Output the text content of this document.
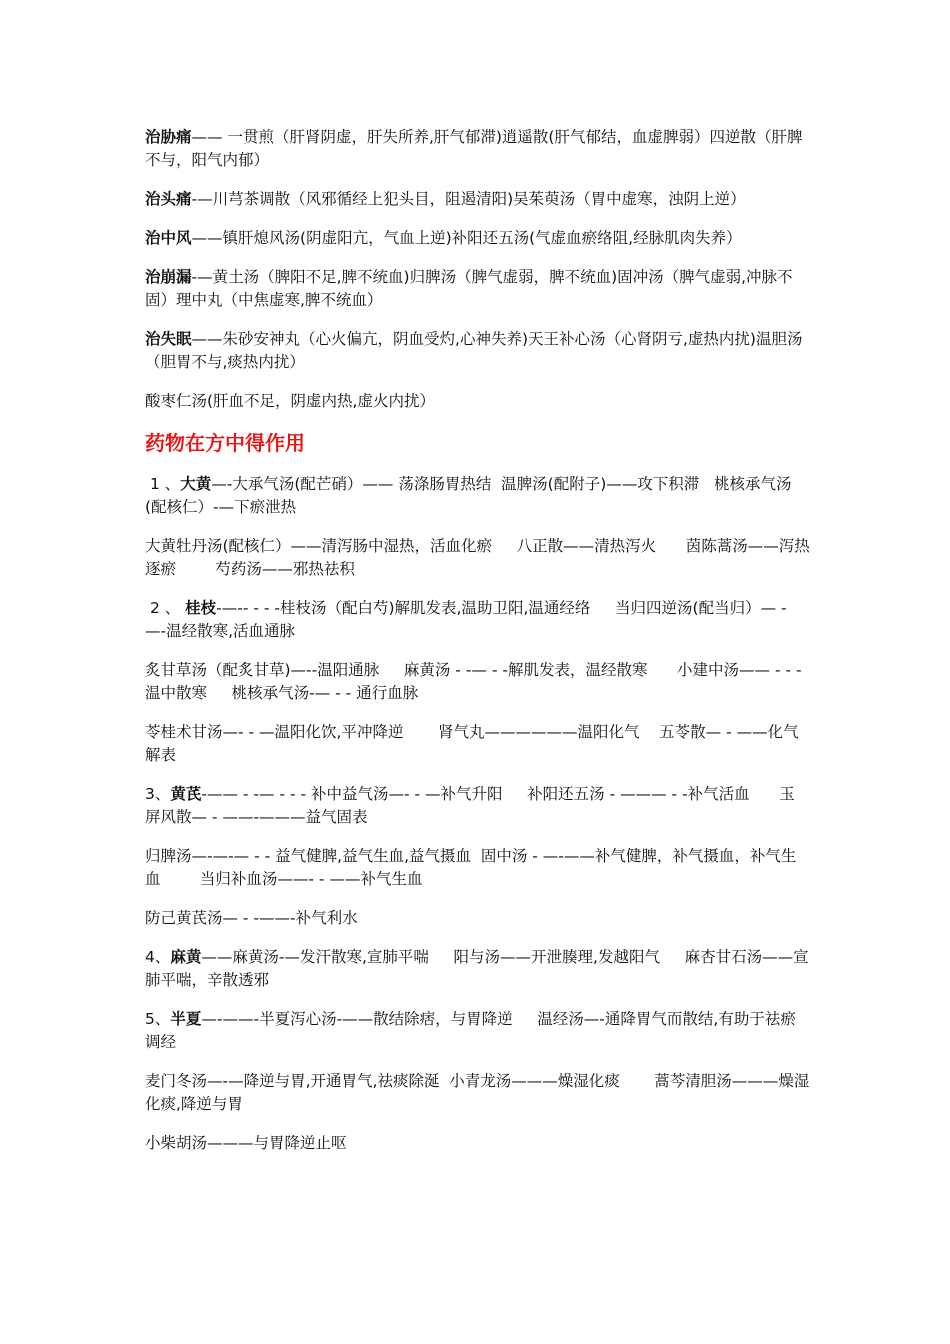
治胁痛—— 一贯煎（肝肾阴虚，肝失所养,肝气郁滞)逍遥散(肝气郁结，血虚脾弱）四逆散（肝脾不与，阳气内郁）

治头痛-—川芎茶调散（风邪循经上犯头目，阻遏清阳)吴茱萸汤（胃中虚寒，浊阴上逆）

治中风——镇肝熄风汤(阴虚阳亢，气血上逆)补阳还五汤(气虚血瘀络阻,经脉肌肉失养）

治崩漏-—黄土汤（脾阳不足,脾不统血)归脾汤（脾气虚弱，脾不统血)固冲汤（脾气虚弱,冲脉不固）理中丸（中焦虚寒,脾不统血）

治失眠——朱砂安神丸（心火偏亢，阴血受灼,心神失养)天王补心汤（心肾阴亏,虚热内扰)温胆汤（胆胃不与,痰热内扰）

酸枣仁汤(肝血不足，阴虚内热,虚火内扰）

药物在方中得作用

1 、大黄—-大承气汤(配芒硝）—— 荡涤肠胃热结  温脾汤(配附子)——攻下积滞   桃核承气汤(配核仁）-—下瘀泄热

大黄牡丹汤(配核仁）——清泻肠中湿热，活血化瘀     八正散——清热泻火      茵陈蒿汤——泻热逐瘀        芍药汤——邪热祛积

2 、 桂枝-—-- - - -桂枝汤（配白芍)解肌发表,温助卫阳,温通经络     当归四逆汤(配当归）— - —-温经散寒,活血通脉

炙甘草汤（配炙甘草)—--温阳通脉     麻黄汤 - -— - -解肌发表，温经散寒      小建中汤—— - - -温中散寒     桃核承气汤-— - - 通行血脉

苓桂术甘汤—- - —温阳化饮,平冲降逆       肾气丸——————温阳化气    五苓散— - ——化气解表

3、黄芪-—— - -— - - - 补中益气汤—- - —补气升阳     补阳还五汤 - ——— - -补气活血      玉屏风散— - ——-———益气固表

归脾汤—-—-— - - 益气健脾,益气生血,益气摄血  固中汤 - —-——补气健脾，补气摄血，补气生血        当归补血汤——- - ——补气生血

防己黄芪汤— - -——-补气利水

4、麻黄——麻黄汤-—发汗散寒,宣肺平喘     阳与汤——开泄腠理,发越阳气     麻杏甘石汤——宣肺平喘，辛散透邪

5、半夏—-——-半夏泻心汤-——散结除痞，与胃降逆     温经汤—-通降胃气而散结,有助于祛瘀调经

麦门冬汤—-—降逆与胃,开通胃气,祛痰除涎  小青龙汤———燥湿化痰       蒿芩清胆汤———燥湿化痰,降逆与胃

小柴胡汤———与胃降逆止呕
